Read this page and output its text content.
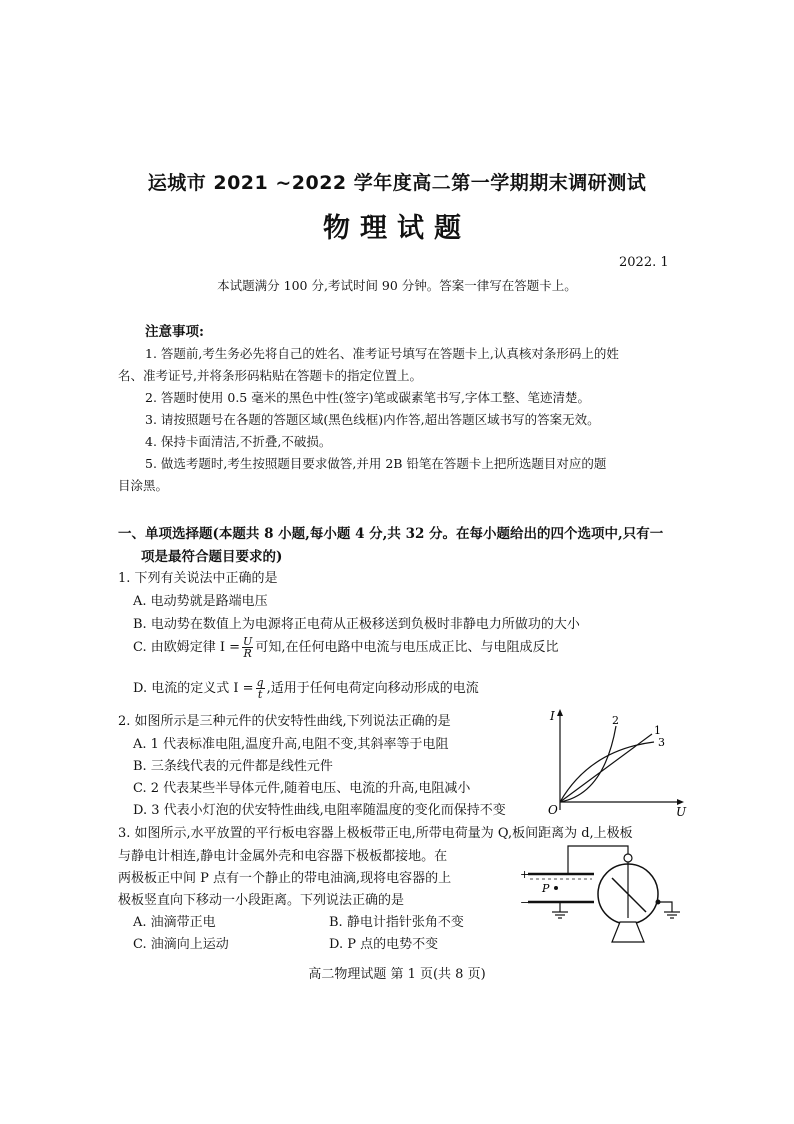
运城市 2021 ~2022 学年度高二第一学期期末调研测试
物理试题
2022. 1
本试题满分 100 分,考试时间 90 分钟。答案一律写在答题卡上。
注意事项:
1. 答题前,考生务必先将自己的姓名、准考证号填写在答题卡上,认真核对条形码上的姓
名、准考证号,并将条形码粘贴在答题卡的指定位置上。
2. 答题时使用 0.5 毫米的黑色中性(签字)笔或碳素笔书写,字体工整、笔迹清楚。
3. 请按照题号在各题的答题区域(黑色线框)内作答,超出答题区域书写的答案无效。
4. 保持卡面清洁,不折叠,不破损。
5. 做选考题时,考生按照题目要求做答,并用 2B 铅笔在答题卡上把所选题目对应的题
目涂黑。
一、单项选择题(本题共 8 小题,每小题 4 分,共 32 分。在每小题给出的四个选项中,只有一
项是最符合题目要求的)
1. 下列有关说法中正确的是
A. 电动势就是路端电压
B. 电动势在数值上为电源将正电荷从正极移送到负极时非静电力所做功的大小
C. 由欧姆定律 $I = \frac{U}{R}$ 可知,在任何电路中电流与电压成正比、与电阻成反比
D. 电流的定义式 $I = \frac{q}{t}$ ,适用于任何电荷定向移动形成的电流
2. 如图所示是三种元件的伏安特性曲线,下列说法正确的是
A. 1 代表标准电阻,温度升高,电阻不变,其斜率等于电阻
B. 三条线代表的元件都是线性元件
C. 2 代表某些半导体元件,随着电压、电流的升高,电阻减小
D. 3 代表小灯泡的伏安特性曲线,电阻率随温度的变化而保持不变
I
U
O
1
2
3
3. 如图所示,水平放置的平行板电容器上极板带正电,所带电荷量为 Q,板间距离为 d,上极板
与静电计相连,静电计金属外壳和电容器下极板都接地。在
两极板正中间 P 点有一个静止的带电油滴,现将电容器的上
极板竖直向下移动一小段距离。下列说法正确的是
A. 油滴带正电	B. 静电计指针张角不变
C. 油滴向上运动	D. P 点的电势不变
+
−
P
高二物理试题 第 1 页(共 8 页)
